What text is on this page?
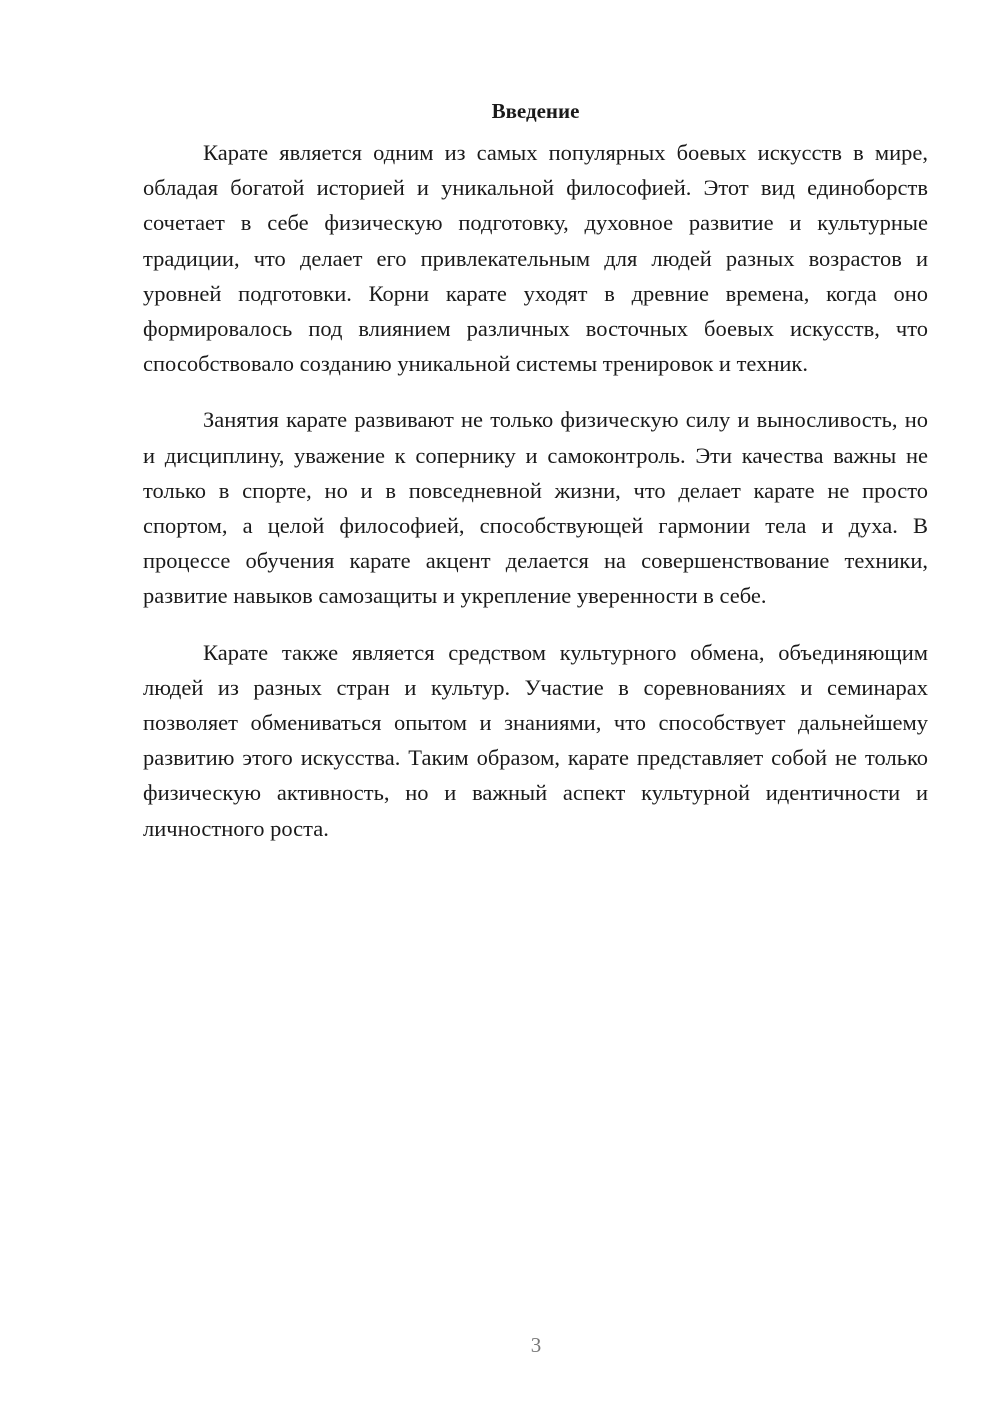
Введение

Карате является одним из самых популярных боевых искусств в мире, обладая богатой историей и уникальной философией. Этот вид единоборств сочетает в себе физическую подготовку, духовное развитие и культурные традиции, что делает его привлекательным для людей разных возрастов и уровней подготовки. Корни карате уходят в древние времена, когда оно формировалось под влиянием различных восточных боевых искусств, что способствовало созданию уникальной системы тренировок и техник.

Занятия карате развивают не только физическую силу и выносливость, но и дисциплину, уважение к сопернику и самоконтроль. Эти качества важны не только в спорте, но и в повседневной жизни, что делает карате не просто спортом, а целой философией, способствующей гармонии тела и духа. В процессе обучения карате акцент делается на совершенствование техники, развитие навыков самозащиты и укрепление уверенности в себе.

Карате также является средством культурного обмена, объединяющим людей из разных стран и культур. Участие в соревнованиях и семинарах позволяет обмениваться опытом и знаниями, что способствует дальнейшему развитию этого искусства. Таким образом, карате представляет собой не только физическую активность, но и важный аспект культурной идентичности и личностного роста.

3
